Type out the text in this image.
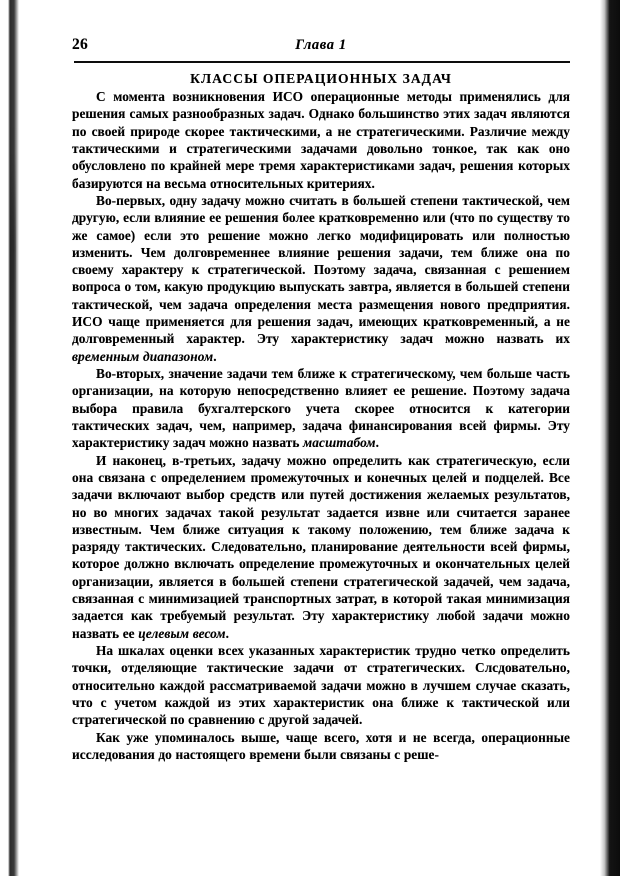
26	Глава 1
КЛАССЫ ОПЕРАЦИОННЫХ ЗАДАЧ

С момента возникновения ИСО операционные методы применялись для решения самых разнообразных задач. Однако большинство этих задач являются по своей природе скорее тактическими, а не стратегическими. Различие между тактическими и стратегическими задачами довольно тонкое, так как оно обусловлено по крайней мере тремя характеристиками задач, решения которых базируются на весьма относительных критериях.

Во-первых, одну задачу можно считать в большей степени тактической, чем другую, если влияние ее решения более кратковременно или (что по существу то же самое) если это решение можно легко модифицировать или полностью изменить. Чем долговременнее влияние решения задачи, тем ближе она по своему характеру к стратегической. Поэтому задача, связанная с решением вопроса о том, какую продукцию выпускать завтра, является в большей степени тактической, чем задача определения места размещения нового предприятия. ИСО чаще применяется для решения задач, имеющих кратковременный, а не долговременный характер. Эту характеристику задач можно назвать их временным диапазоном.

Во-вторых, значение задачи тем ближе к стратегическому, чем больше часть организации, на которую непосредственно влияет ее решение. Поэтому задача выбора правила бухгалтерского учета скорее относится к категории тактических задач, чем, например, задача финансирования всей фирмы. Эту характеристику задач можно назвать масштабом.

И наконец, в-третьих, задачу можно определить как стратегическую, если она связана с определением промежуточных и конечных целей и подцелей. Все задачи включают выбор средств или путей достижения желаемых результатов, но во многих задачах такой результат задается извне или считается заранее известным. Чем ближе ситуация к такому положению, тем ближе задача к разряду тактических. Следовательно, планирование деятельности всей фирмы, которое должно включать определение промежуточных и окончательных целей организации, является в большей степени стратегической задачей, чем задача, связанная с минимизацией транспортных затрат, в которой такая минимизация задается как требуемый результат. Эту характеристику любой задачи можно назвать ее целевым весом.

На шкалах оценки всех указанных характеристик трудно четко определить точки, отделяющие тактические задачи от стратегических. Слсдовательно, относительно каждой рассматриваемой задачи можно в лучшем случае сказать, что с учетом каждой из этих характеристик она ближе к тактической или стратегической по сравнению с другой задачей.

Как уже упоминалось выше, чаще всего, хотя и не всегда, операционные исследования до настоящего времени были связаны с реше-
